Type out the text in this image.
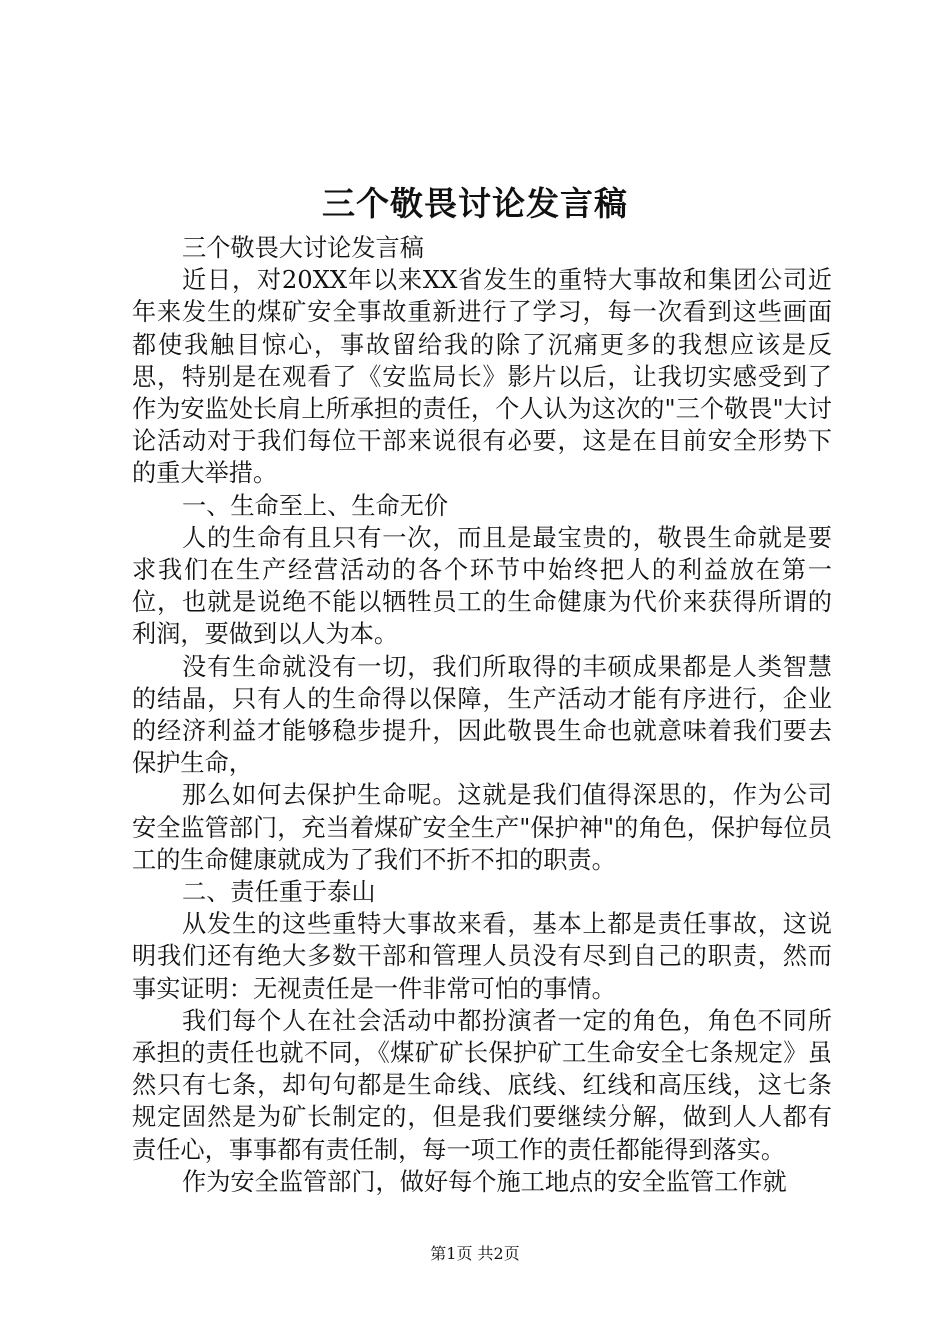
三个敬畏讨论发言稿

三个敬畏大讨论发言稿

近日，对20XX年以来XX省发生的重特大事故和集团公司近年来发生的煤矿安全事故重新进行了学习，每一次看到这些画面都使我触目惊心，事故留给我的除了沉痛更多的我想应该是反思，特别是在观看了《安监局长》影片以后，让我切实感受到了作为安监处长肩上所承担的责任，个人认为这次的"三个敬畏"大讨论活动对于我们每位干部来说很有必要，这是在目前安全形势下的重大举措。

一、生命至上、生命无价

人的生命有且只有一次，而且是最宝贵的，敬畏生命就是要求我们在生产经营活动的各个环节中始终把人的利益放在第一位，也就是说绝不能以牺牲员工的生命健康为代价来获得所谓的利润，要做到以人为本。

没有生命就没有一切，我们所取得的丰硕成果都是人类智慧的结晶，只有人的生命得以保障，生产活动才能有序进行，企业的经济利益才能够稳步提升，因此敬畏生命也就意味着我们要去保护生命，

那么如何去保护生命呢。这就是我们值得深思的，作为公司安全监管部门，充当着煤矿安全生产"保护神"的角色，保护每位员工的生命健康就成为了我们不折不扣的职责。

二、责任重于泰山

从发生的这些重特大事故来看，基本上都是责任事故，这说明我们还有绝大多数干部和管理人员没有尽到自己的职责，然而事实证明：无视责任是一件非常可怕的事情。

我们每个人在社会活动中都扮演者一定的角色，角色不同所承担的责任也就不同，《煤矿矿长保护矿工生命安全七条规定》虽然只有七条，却句句都是生命线、底线、红线和高压线，这七条规定固然是为矿长制定的，但是我们要继续分解，做到人人都有责任心，事事都有责任制，每一项工作的责任都能得到落实。

作为安全监管部门，做好每个施工地点的安全监管工作就

第1页 共2页
